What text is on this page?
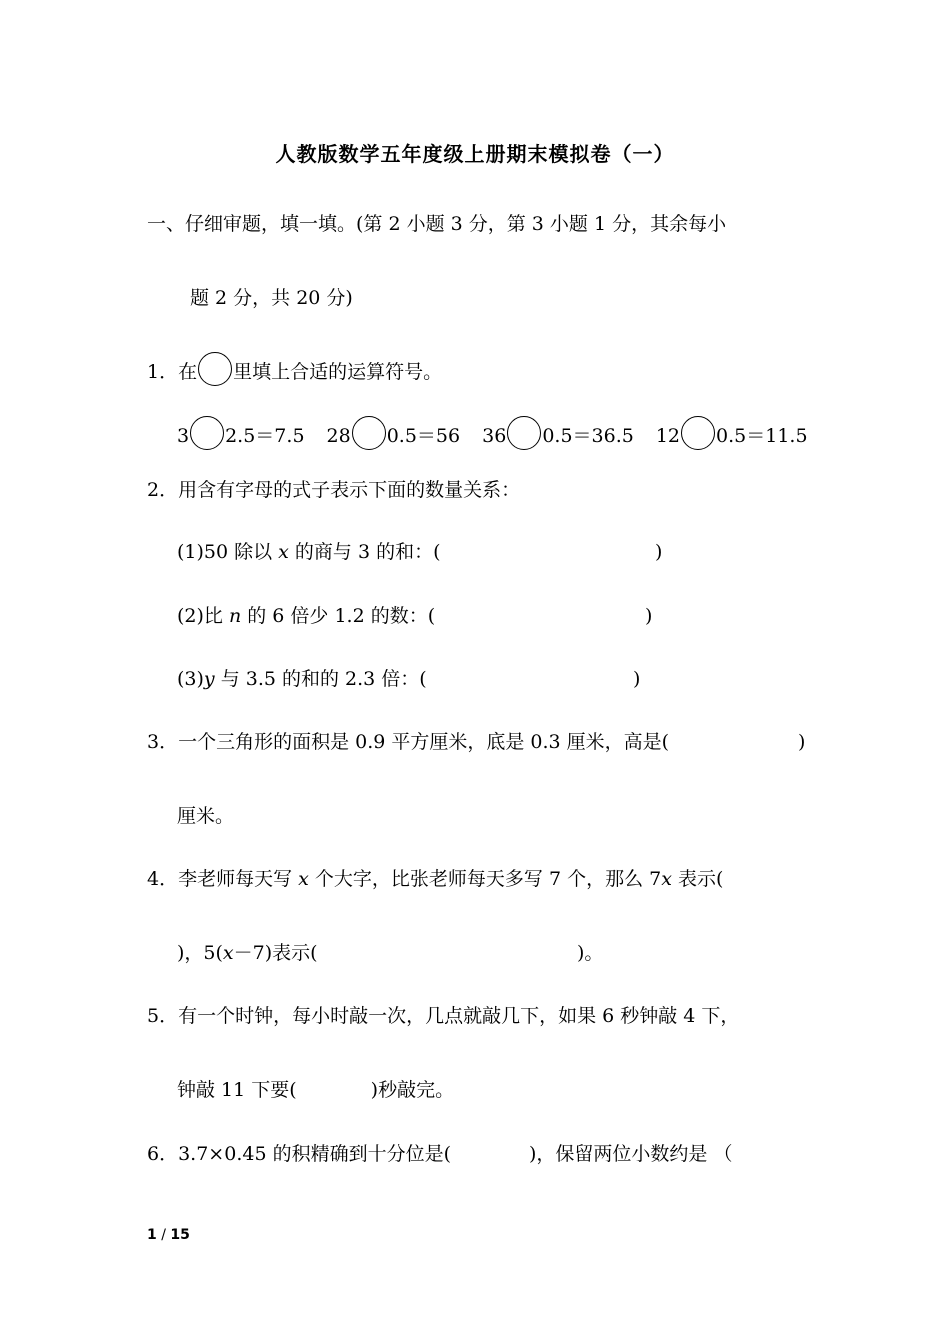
人教版数学五年度级上册期末模拟卷（一）
一、仔细审题，填一填。(第 2 小题 3 分，第 3 小题 1 分，其余每小
题 2 分，共 20 分)
1．在 里填上合适的运算符号。
3 2.5＝7.5 28 0.5＝56 36 0.5＝36.5 12 0.5＝11.5
2．用含有字母的式子表示下面的数量关系：
(1)50 除以 x 的商与 3 的和：(	)
(2)比 n 的 6 倍少 1.2 的数：(	)
(3)y 与 3.5 的和的 2.3 倍：(	)
3．一个三角形的面积是 0.9 平方厘米，底是 0.3 厘米，高是(	)
厘米。
4．李老师每天写 x 个大字，比张老师每天多写 7 个，那么 7x 表示(
)，5(x－7)表示(	)。
5．有一个时钟，每小时敲一次，几点就敲几下，如果 6 秒钟敲 4 下，
钟敲 11 下要(	)秒敲完。
6．3.7×0.45 的积精确到十分位是(	)，保留两位小数约是 （
1 / 15
